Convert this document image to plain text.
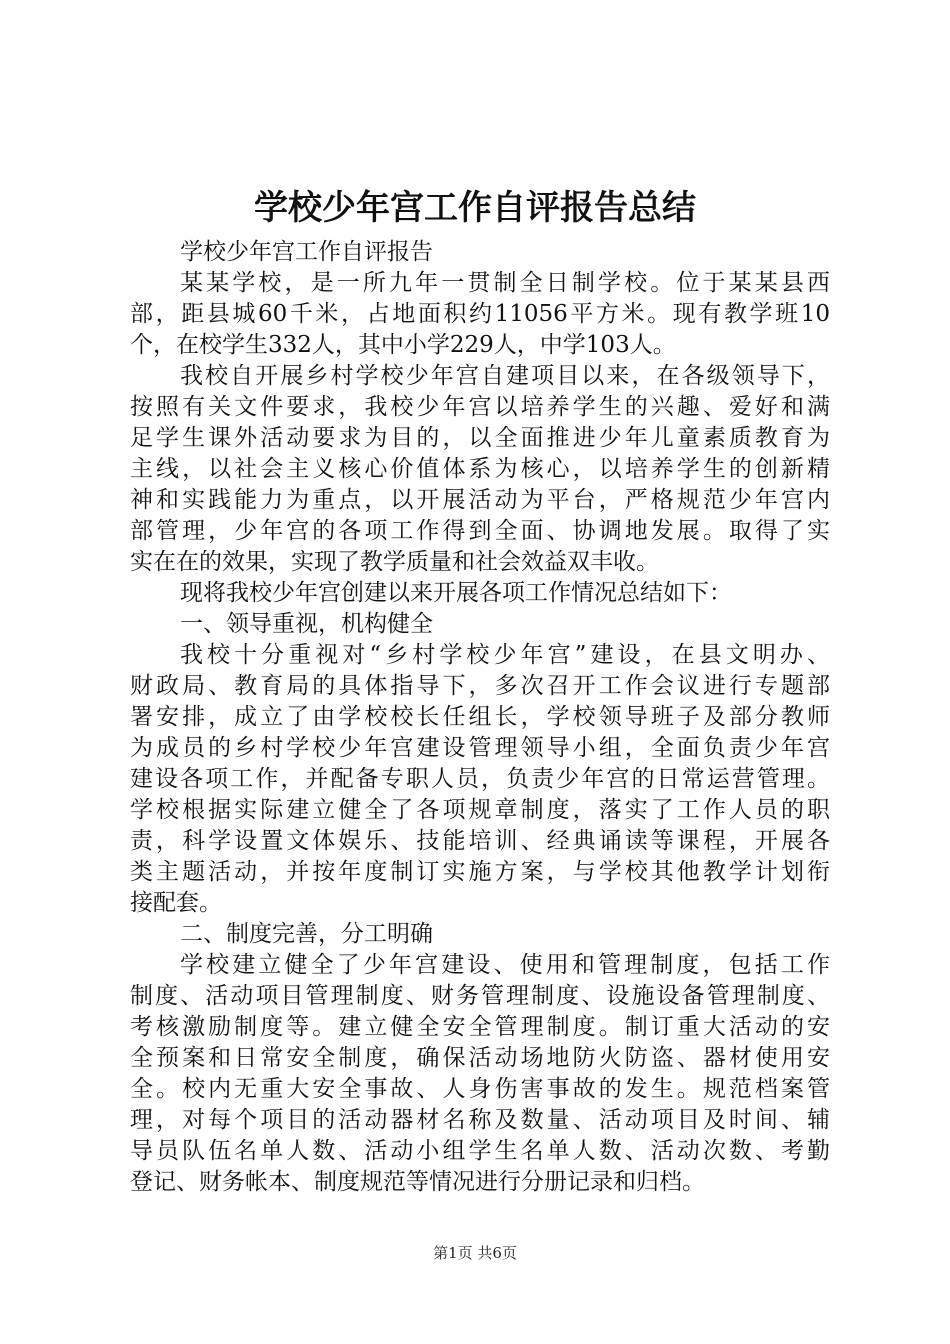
学校少年宫工作自评报告总结
学校少年宫工作自评报告
某某学校，是一所九年一贯制全日制学校。位于某某县西
部，距县城60千米，占地面积约11056平方米。现有教学班10
个，在校学生332人，其中小学229人，中学103人。
我校自开展乡村学校少年宫自建项目以来，在各级领导下，
按照有关文件要求，我校少年宫以培养学生的兴趣、爱好和满
足学生课外活动要求为目的，以全面推进少年儿童素质教育为
主线，以社会主义核心价值体系为核心，以培养学生的创新精
神和实践能力为重点，以开展活动为平台，严格规范少年宫内
部管理，少年宫的各项工作得到全面、协调地发展。取得了实
实在在的效果，实现了教学质量和社会效益双丰收。
现将我校少年宫创建以来开展各项工作情况总结如下：
一、领导重视，机构健全
我校十分重视对“乡村学校少年宫”建设，在县文明办、
财政局、教育局的具体指导下，多次召开工作会议进行专题部
署安排，成立了由学校校长任组长，学校领导班子及部分教师
为成员的乡村学校少年宫建设管理领导小组，全面负责少年宫
建设各项工作，并配备专职人员，负责少年宫的日常运营管理。
学校根据实际建立健全了各项规章制度，落实了工作人员的职
责，科学设置文体娱乐、技能培训、经典诵读等课程，开展各
类主题活动，并按年度制订实施方案，与学校其他教学计划衔
接配套。
二、制度完善，分工明确
学校建立健全了少年宫建设、使用和管理制度，包括工作
制度、活动项目管理制度、财务管理制度、设施设备管理制度、
考核激励制度等。建立健全安全管理制度。制订重大活动的安
全预案和日常安全制度，确保活动场地防火防盗、器材使用安
全。校内无重大安全事故、人身伤害事故的发生。规范档案管
理，对每个项目的活动器材名称及数量、活动项目及时间、辅
导员队伍名单人数、活动小组学生名单人数、活动次数、考勤
登记、财务帐本、制度规范等情况进行分册记录和归档。
第1页 共6页
